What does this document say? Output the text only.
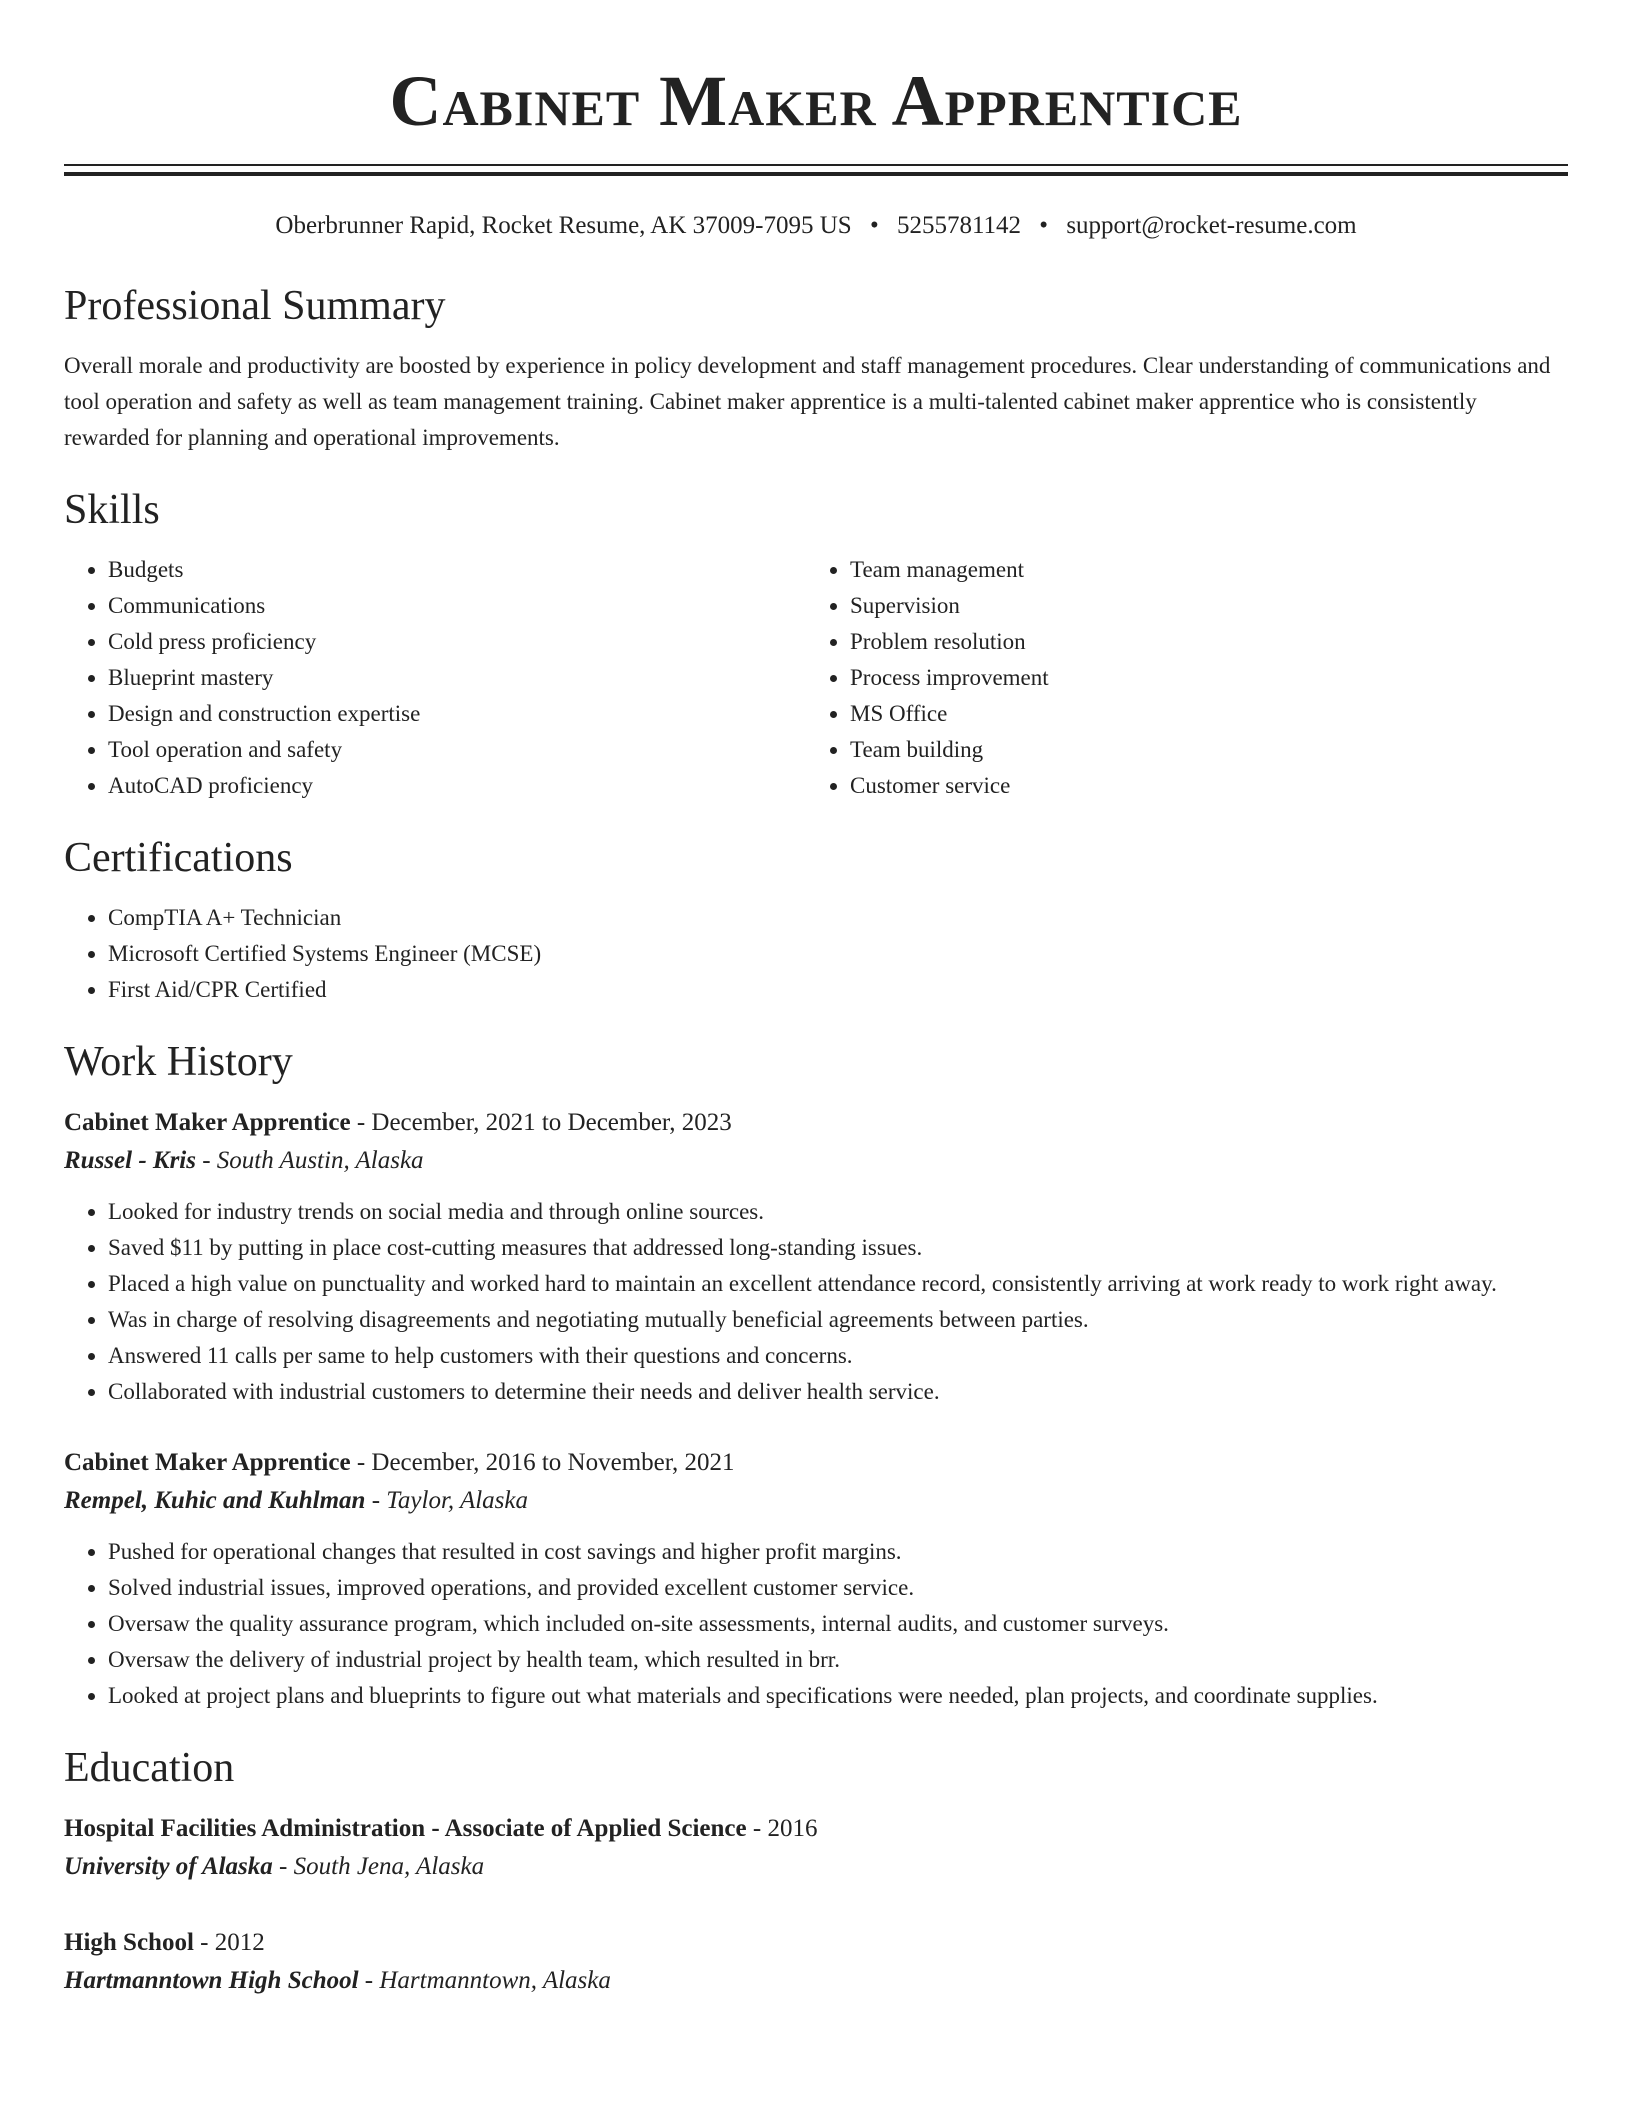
Cabinet Maker Apprentice
Oberbrunner Rapid, Rocket Resume, AK 37009-7095 US • 5255781142 • support@rocket-resume.com
Professional Summary

Overall morale and productivity are boosted by experience in policy development and staff management procedures. Clear understanding of communications and tool operation and safety as well as team management training. Cabinet maker apprentice is a multi-talented cabinet maker apprentice who is consistently rewarded for planning and operational improvements.

Skills
• Budgets
• Communications
• Cold press proficiency
• Blueprint mastery
• Design and construction expertise
• Tool operation and safety
• AutoCAD proficiency
• Team management
• Supervision
• Problem resolution
• Process improvement
• MS Office
• Team building
• Customer service
Certifications
• CompTIA A+ Technician
• Microsoft Certified Systems Engineer (MCSE)
• First Aid/CPR Certified
Work History
Cabinet Maker Apprentice - December, 2021 to December, 2023
Russel - Kris - South Austin, Alaska
• Looked for industry trends on social media and through online sources.
• Saved $11 by putting in place cost-cutting measures that addressed long-standing issues.
• Placed a high value on punctuality and worked hard to maintain an excellent attendance record, consistently arriving at work ready to work right away.
• Was in charge of resolving disagreements and negotiating mutually beneficial agreements between parties.
• Answered 11 calls per same to help customers with their questions and concerns.
• Collaborated with industrial customers to determine their needs and deliver health service.
Cabinet Maker Apprentice - December, 2016 to November, 2021
Rempel, Kuhic and Kuhlman - Taylor, Alaska
• Pushed for operational changes that resulted in cost savings and higher profit margins.
• Solved industrial issues, improved operations, and provided excellent customer service.
• Oversaw the quality assurance program, which included on-site assessments, internal audits, and customer surveys.
• Oversaw the delivery of industrial project by health team, which resulted in brr.
• Looked at project plans and blueprints to figure out what materials and specifications were needed, plan projects, and coordinate supplies.
Education
Hospital Facilities Administration - Associate of Applied Science - 2016
University of Alaska - South Jena, Alaska
High School - 2012
Hartmanntown High School - Hartmanntown, Alaska
